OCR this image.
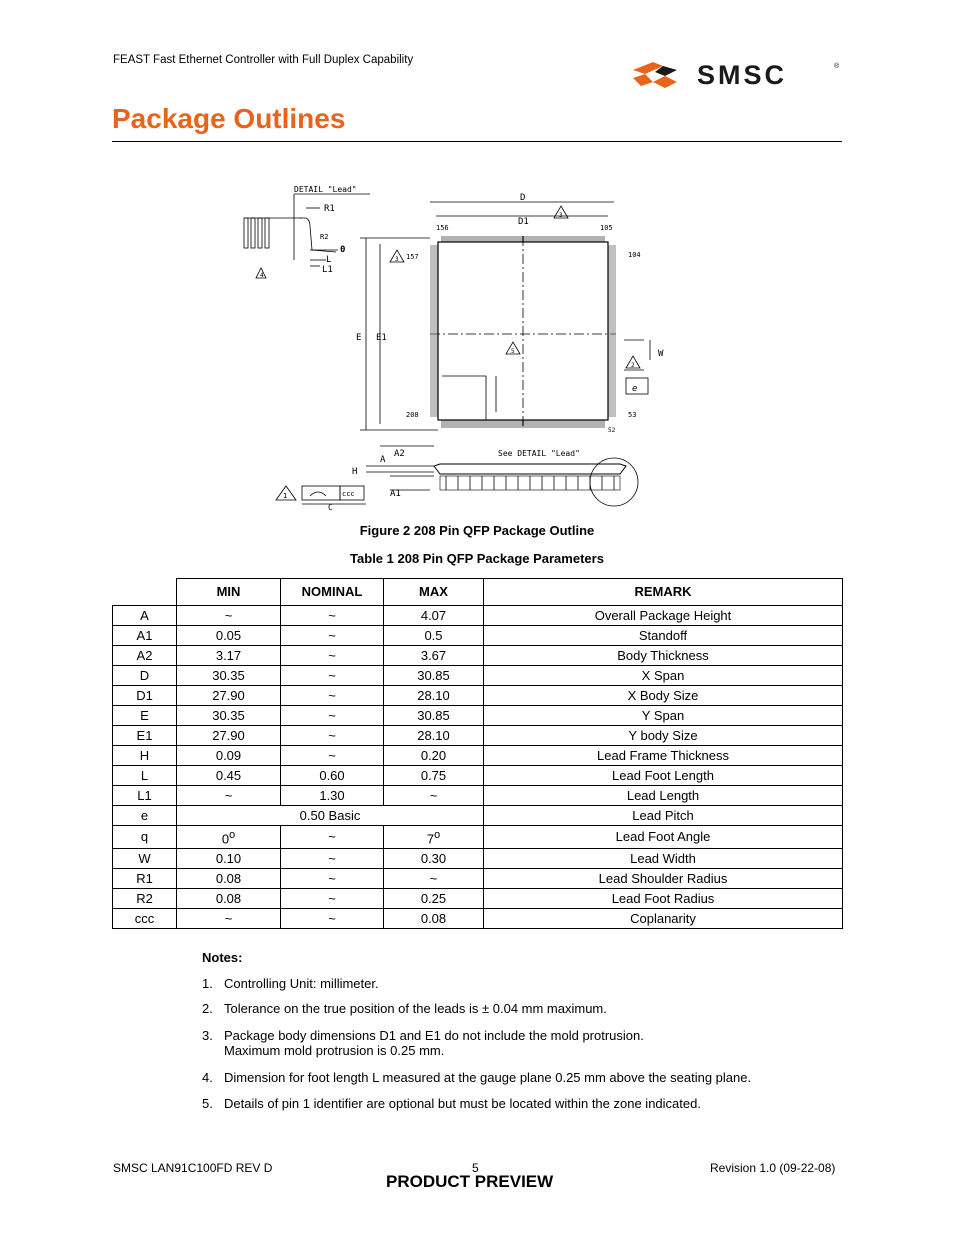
FEAST Fast Ethernet Controller with Full Duplex Capability	SMSC	®
Package Outlines
DETAIL "Lead"
R1
R2
0
L
L1
4
D
D1
3
156	105
157	104
208	53
52
E E1
3
5	W
2
e
See DETAIL "Lead"
A2
A
H
A1
1	ccc
C
Figure 2 208 Pin QFP Package Outline
Table 1 208 Pin QFP Package Parameters
	MIN	NOMINAL	MAX	REMARK
A	~	~	4.07	Overall Package Height
A1	0.05	~	0.5	Standoff
A2	3.17	~	3.67	Body Thickness
D	30.35	~	30.85	X Span
D1	27.90	~	28.10	X Body Size
E	30.35	~	30.85	Y Span
E1	27.90	~	28.10	Y body Size
H	0.09	~	0.20	Lead Frame Thickness
L	0.45	0.60	0.75	Lead Foot Length
L1	~	1.30	~	Lead Length
e	0.50 Basic			Lead Pitch
q	0$^o$	~	7$^o$	Lead Foot Angle
W	0.10	~	0.30	Lead Width
R1	0.08	~	~	Lead Shoulder Radius
R2	0.08	~	0.25	Lead Foot Radius
ccc	~	~	0.08	Coplanarity
Notes:
1. Controlling Unit: millimeter.
2. Tolerance on the true position of the leads is ± 0.04 mm maximum.
3. Package body dimensions D1 and E1 do not include the mold protrusion.
Maximum mold protrusion is 0.25 mm.
4. Dimension for foot length L measured at the gauge plane 0.25 mm above the seating plane.
5. Details of pin 1 identifier are optional but must be located within the zone indicated.
SMSC LAN91C100FD REV D	5	Revision 1.0 (09-22-08)
PRODUCT PREVIEW
